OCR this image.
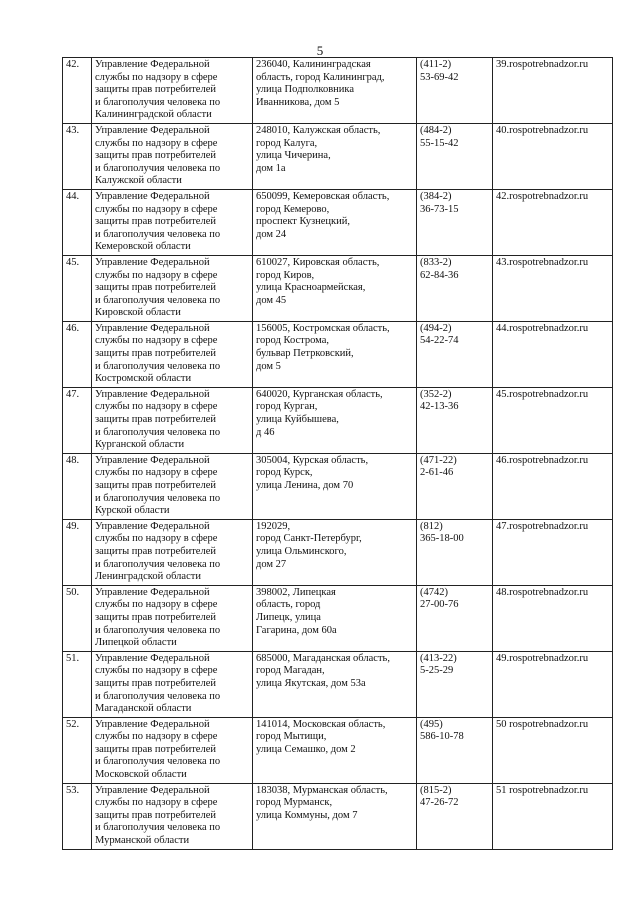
5
42.	Управление Федеральной
службы по надзору в сфере
защиты прав потребителей
и благополучия человека по
Калининградской области	236040, Калининградская
область, город Калининград,
улица Подполковника
Иванникова, дом 5	(411-2)
53-69-42	39.rospotrebnadzor.ru

43.	Управление Федеральной
службы по надзору в сфере
защиты прав потребителей
и благополучия человека по
Калужской области	248010, Калужская область,
город Калуга,
улица Чичерина,
дом 1а	(484-2)
55-15-42	40.rospotrebnadzor.ru

44.	Управление Федеральной
службы по надзору в сфере
защиты прав потребителей
и благополучия человека по
Кемеровской области	650099, Кемеровская область,
город Кемерово,
проспект Кузнецкий,
дом 24	(384-2)
36-73-15	42.rospotrebnadzor.ru

45.	Управление Федеральной
службы по надзору в сфере
защиты прав потребителей
и благополучия человека по
Кировской области	610027, Кировская область,
город Киров,
улица Красноармейская,
дом 45	(833-2)
62-84-36	43.rospotrebnadzor.ru

46.	Управление Федеральной
службы по надзору в сфере
защиты прав потребителей
и благополучия человека по
Костромской области	156005, Костромская область,
город Кострома,
бульвар Петрковский,
дом 5	(494-2)
54-22-74	44.rospotrebnadzor.ru

47.	Управление Федеральной
службы по надзору в сфере
защиты прав потребителей
и благополучия человека по
Курганской области	640020, Курганская область,
город Курган,
улица Куйбышева,
д 46	(352-2)
42-13-36	45.rospotrebnadzor.ru

48.	Управление Федеральной
службы по надзору в сфере
защиты прав потребителей
и благополучия человека по
Курской области	305004, Курская область,
город Курск,
улица Ленина, дом 70	(471-22)
2-61-46	46.rospotrebnadzor.ru

49.	Управление Федеральной
службы по надзору в сфере
защиты прав потребителей
и благополучия человека по
Ленинградской области	192029,
город Санкт-Петербург,
улица Ольминского,
дом 27	(812)
365-18-00	47.rospotrebnadzor.ru

50.	Управление Федеральной
службы по надзору в сфере
защиты прав потребителей
и благополучия человека по
Липецкой области	398002, Липецкая
область, город
Липецк, улица
Гагарина, дом 60а	(4742)
27-00-76	48.rospotrebnadzor.ru

51.	Управление Федеральной
службы по надзору в сфере
защиты прав потребителей
и благополучия человека по
Магаданской области	685000, Магаданская область,
город Магадан,
улица Якутская, дом 53а	(413-22)
5-25-29	49.rospotrebnadzor.ru

52.	Управление Федеральной
службы по надзору в сфере
защиты прав потребителей
и благополучия человека по
Московской области	141014, Московская область,
город Мытищи,
улица Семашко, дом 2	(495)
586-10-78	50 rospotrebnadzor.ru

53.	Управление Федеральной
службы по надзору в сфере
защиты прав потребителей
и благополучия человека по
Мурманской области	183038, Мурманская область,
город Мурманск,
улица Коммуны, дом 7	(815-2)
47-26-72	51 rospotrebnadzor.ru
